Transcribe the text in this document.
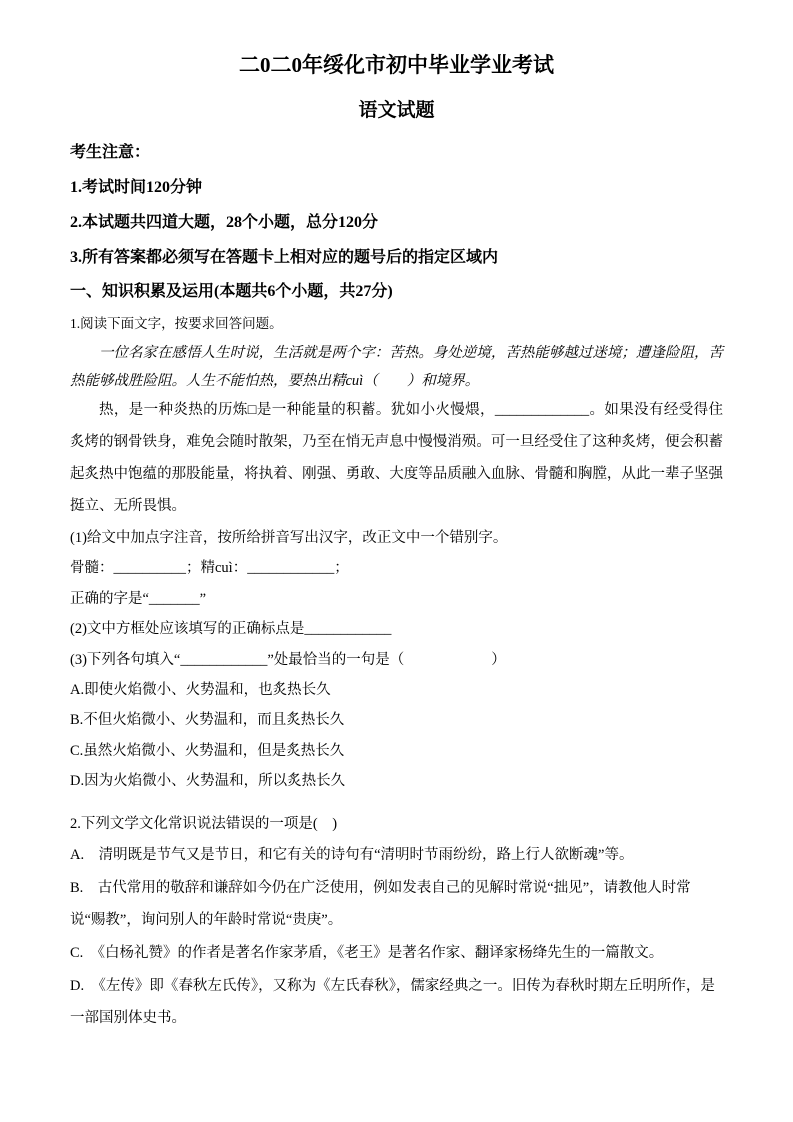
二0二0年绥化市初中毕业学业考试
语文试题

考生注意：

1.考试时间120分钟

2.本试题共四道大题，28个小题，总分120分

3.所有答案都必须写在答题卡上相对应的题号后的指定区域内

一、知识积累及运用(本题共6个小题，共27分)

1.阅读下面文字，按要求回答问题。

一位名家在感悟人生时说，生活就是两个字：苦热。身处逆境，苦热能够越过迷境；遭逢险阻，苦热能够战胜险阻。人生不能怕热，要热出精cuì（　　）和境界。

热，是一种炎热的历炼□是一种能量的积蓄。犹如小火慢煨，_____________。如果没有经受得住炙烤的钢骨铁身，难免会随时散架，乃至在悄无声息中慢慢消殒。可一旦经受住了这种炙烤，便会积蓄起炙热中饱蕴的那股能量，将执着、刚强、勇敢、大度等品质融入血脉、骨髓和胸膛，从此一辈子坚强挺立、无所畏惧。

(1)给文中加点字注音，按所给拼音写出汉字，改正文中一个错别字。

骨髓：__________；精cuì：____________；

正确的字是“_______”

(2)文中方框处应该填写的正确标点是____________

(3)下列各句填入“____________”处最恰当的一句是（　　　　　　）

A.即使火焰微小、火势温和，也炙热长久

B.不但火焰微小、火势温和，而且炙热长久

C.虽然火焰微小、火势温和，但是炙热长久

D.因为火焰微小、火势温和，所以炙热长久

2.下列文学文化常识说法错误的一项是(　)

A.　清明既是节气又是节日，和它有关的诗句有“清明时节雨纷纷，路上行人欲断魂”等。

B.　古代常用的敬辞和谦辞如今仍在广泛使用，例如发表自己的见解时常说“拙见”，请教他人时常说“赐教”，询问别人的年龄时常说“贵庚”。

C.　《白杨礼赞》的作者是著名作家茅盾，《老王》是著名作家、翻译家杨绛先生的一篇散文。

D.　《左传》即《春秋左氏传》，又称为《左氏春秋》，儒家经典之一。旧传为春秋时期左丘明所作，是一部国别体史书。
